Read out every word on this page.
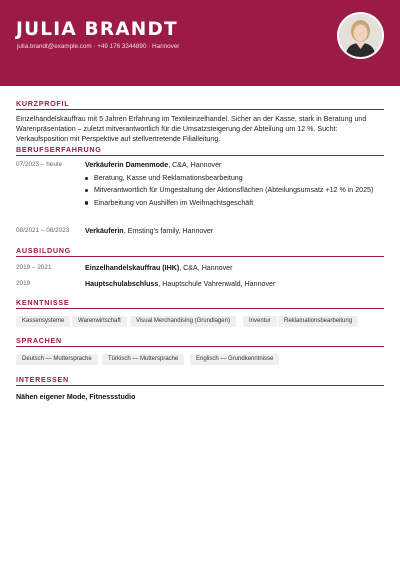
JULIA BRANDT
julia.brandt@example.com · +49 176 3344890 · Hannover
KURZPROFIL
Einzelhandelskauffrau mit 5 Jahren Erfahrung im Textileinzelhandel. Sicher an der Kasse, stark in Beratung und Warenpräsentation – zuletzt mitverantwortlich für die Umsatzsteigerung der Abteilung um 12 %. Sucht: Verkaufsposition mit Perspektive auf stellvertretende Filialleitung.
BERUFSERFAHRUNG
07/2023 – heute	Verkäuferin Damenmode, C&A, Hannover
Beratung, Kasse und Reklamationsbearbeitung
Mitverantwortlich für Umgestaltung der Aktionsflächen (Abteilungsumsatz +12 % in 2025)
Einarbeitung von Aushilfen im Weihnachtsgeschäft
08/2021 – 06/2023 Verkäuferin, Ernsting's family, Hannover
AUSBILDUNG
2019 – 2021	Einzelhandelskauffrau (IHK), C&A, Hannover
2019	Hauptschulabschluss, Hauptschule Vahrenwald, Hannover
KENNTNISSE
Kassensysteme	Warenwirtschaft	Visual Merchandising (Grundlagen)	Inventur	Reklamationsbearbeitung
SPRACHEN
Deutsch — Muttersprache	Türkisch — Muttersprache	Englisch — Grundkenntnisse
INTERESSEN
Nähen eigener Mode, Fitnessstudio
